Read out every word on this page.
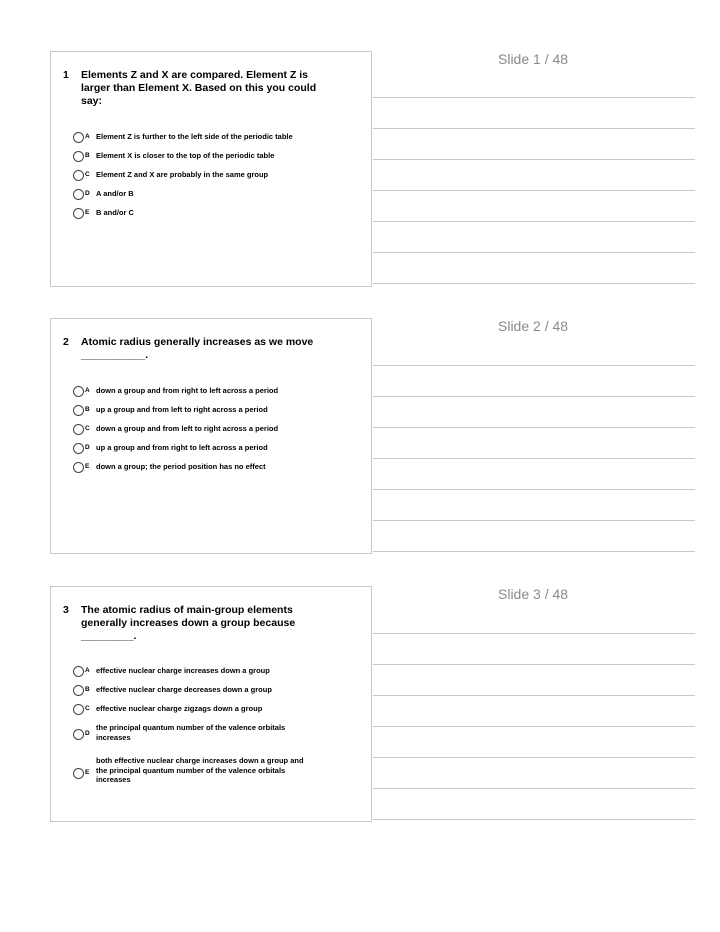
Slide 1 / 48
1 Elements Z and X are compared. Element Z is larger than Element X. Based on this you could say:
A Element Z is further to the left side of the periodic table
B Element X is closer to the top of the periodic table
C Element Z and X are probably in the same group
D A and/or B
E B and/or C
Slide 2 / 48
2 Atomic radius generally increases as we move ___________.
A down a group and from right to left across a period
B up a group and from left to right across a period
C down a group and from left to right across a period
D up a group and from right to left across a period
E down a group; the period position has no effect
Slide 3 / 48
3 The atomic radius of main-group elements generally increases down a group because _________.
A effective nuclear charge increases down a group
B effective nuclear charge decreases down a group
C effective nuclear charge zigzags down a group
D
the principal quantum number of the valence orbitals increases
E
both effective nuclear charge increases down a group and the principal quantum number of the valence orbitals increases
